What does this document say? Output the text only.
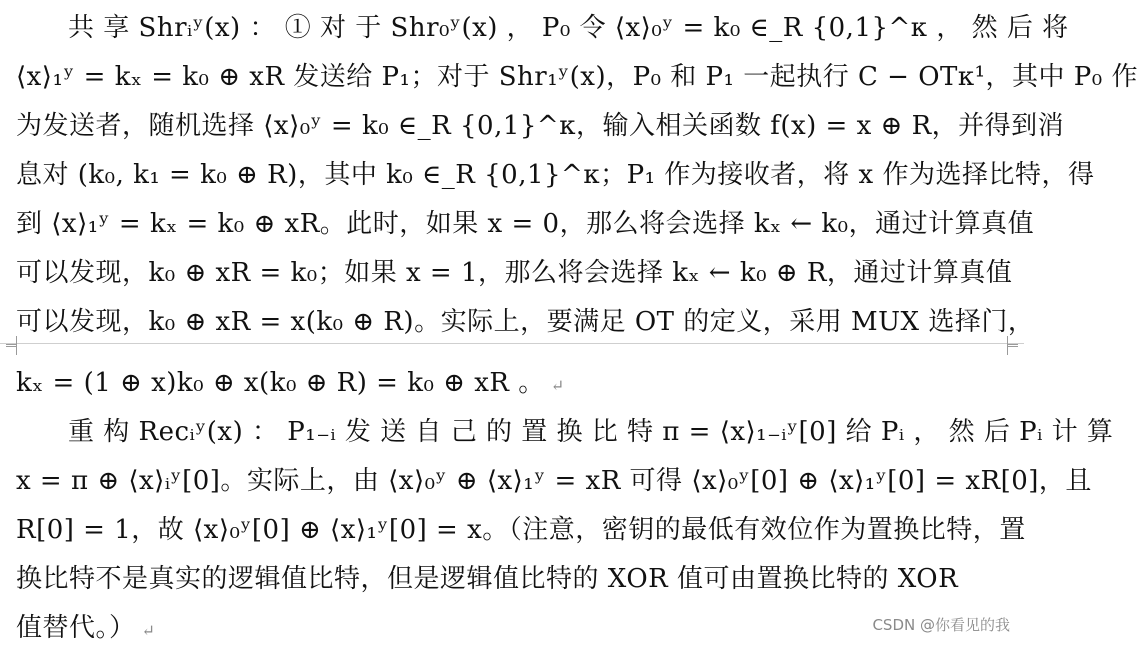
共 享 Shrᵢʸ(x) ： ① 对 于 Shr₀ʸ(x) ， P₀ 令 ⟨x⟩₀ʸ = k₀ ∈_R {0,1}^κ ， 然 后 将
⟨x⟩₁ʸ = kₓ = k₀ ⊕ xR 发送给 P₁；对于 Shr₁ʸ(x)，P₀ 和 P₁ 一起执行 C − OTκ¹，其中 P₀ 作
为发送者，随机选择 ⟨x⟩₀ʸ = k₀ ∈_R {0,1}^κ，输入相关函数 f(x) = x ⊕ R，并得到消
息对 (k₀, k₁ = k₀ ⊕ R)，其中 k₀ ∈_R {0,1}^κ；P₁ 作为接收者，将 x 作为选择比特，得
到 ⟨x⟩₁ʸ = kₓ = k₀ ⊕ xR。此时，如果 x = 0，那么将会选择 kₓ ← k₀，通过计算真值
可以发现，k₀ ⊕ xR = k₀；如果 x = 1，那么将会选择 kₓ ← k₀ ⊕ R，通过计算真值
可以发现，k₀ ⊕ xR = x(k₀ ⊕ R)。实际上，要满足 OT 的定义，采用 MUX 选择门，
kₓ = (1 ⊕ x)k₀ ⊕ x(k₀ ⊕ R) = k₀ ⊕ xR 。 ↵
重 构 Recᵢʸ(x) ： P₁₋ᵢ 发 送 自 己 的 置 换 比 特 π = ⟨x⟩₁₋ᵢʸ[0] 给 Pᵢ ， 然 后 Pᵢ 计 算
x = π ⊕ ⟨x⟩ᵢʸ[0]。实际上，由 ⟨x⟩₀ʸ ⊕ ⟨x⟩₁ʸ = xR 可得 ⟨x⟩₀ʸ[0] ⊕ ⟨x⟩₁ʸ[0] = xR[0]，且
R[0] = 1，故 ⟨x⟩₀ʸ[0] ⊕ ⟨x⟩₁ʸ[0] = x。（注意，密钥的最低有效位作为置换比特，置
换比特不是真实的逻辑值比特，但是逻辑值比特的 XOR 值可由置换比特的 XOR
值替代。） ↵	CSDN @你看见的我
